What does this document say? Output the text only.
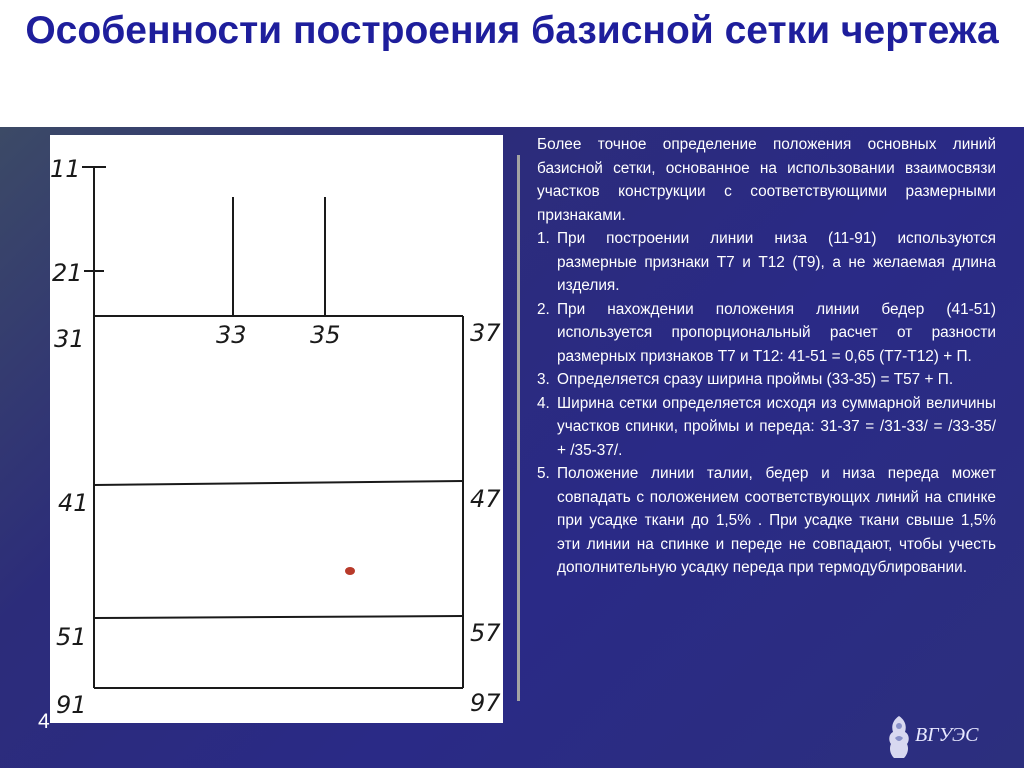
Особенности построения базисной сетки чертежа
11
21
31	33	35	37
41	47
51	57
91	97

Более точное определение положения основных линий базисной сетки, основанное на использовании взаимосвязи участков конструкции с соответствующими размерными признаками.

1. При построении линии низа (11-91) используются размерные признаки Т7 и Т12 (Т9), а не желаемая длина изделия.
2. При нахождении положения линии бедер (41-51) используется пропорциональный расчет от разности размерных признаков Т7 и Т12: 41-51 = 0,65 (Т7-Т12) + П.
3. Определяется сразу ширина проймы (33-35) = Т57 + П.
4. Ширина сетки определяется исходя из суммарной величины участков спинки, проймы и переда: 31-37 = /31-33/ = /33-35/ + /35-37/.
5. Положение линии талии, бедер и низа переда может совпадать с положением соответствующих линий на спинке при усадке ткани до 1,5% . При усадке ткани свыше 1,5% эти линии на спинке и переде не совпадают, чтобы учесть дополнительную усадку переда при термодублировании.
4
ВГУЭС
